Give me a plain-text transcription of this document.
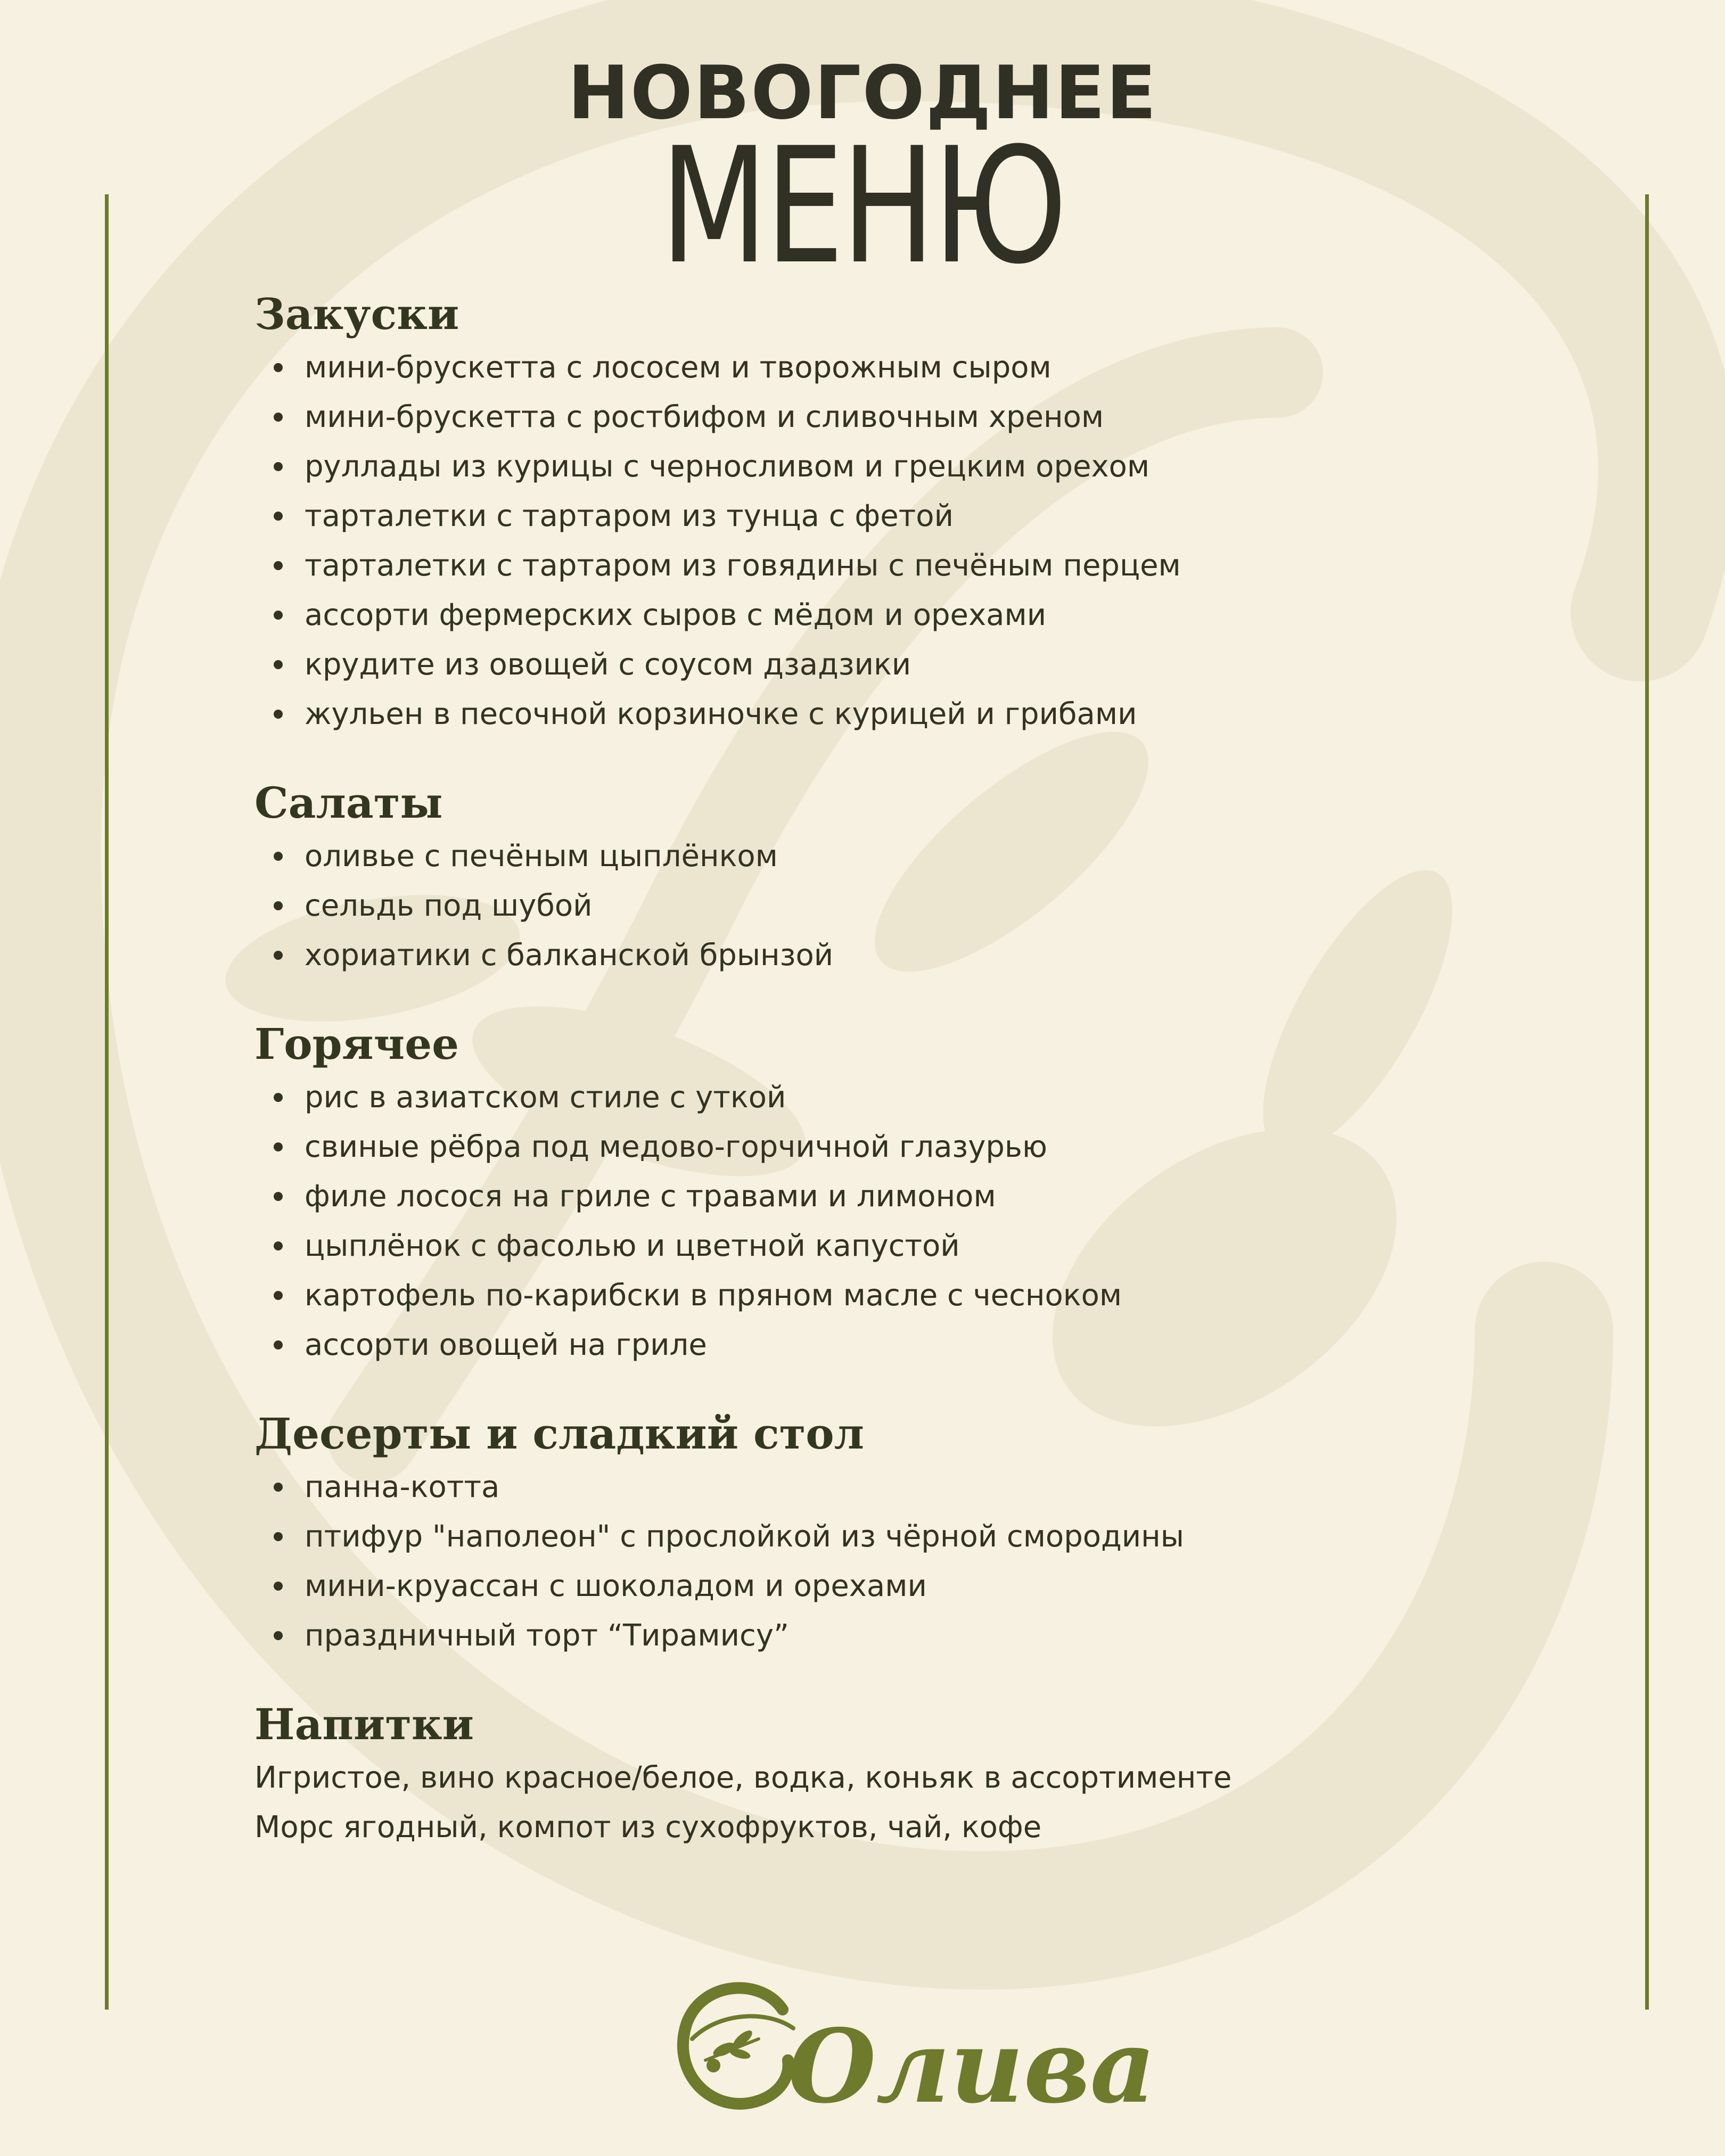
НОВОГОДНЕЕ
МЕНЮ
Закуски
мини-брускетта с лососем и творожным сыром
мини-брускетта с ростбифом и сливочным хреном
руллады из курицы с черносливом и грецким орехом
тарталетки с тартаром из тунца с фетой
тарталетки с тартаром из говядины с печёным перцем
ассорти фермерских сыров с мёдом и орехами
крудите из овощей с соусом дзадзики
жульен в песочной корзиночке с курицей и грибами
Салаты
оливье с печёным цыплёнком
сельдь под шубой
хориатики с балканской брынзой
Горячее
рис в азиатском стиле с уткой
свиные рёбра под медово-горчичной глазурью
филе лосося на гриле с травами и лимоном
цыплёнок с фасолью и цветной капустой
картофель по-карибски в пряном масле с чесноком
ассорти овощей на гриле
Десерты и сладкий стол
панна-котта
птифур "наполеон" с прослойкой из чёрной смородины
мини-круассан с шоколадом и орехами
праздничный торт “Тирамису”
Напитки
Игристое, вино красное/белое, водка, коньяк в ассортименте
Морс ягодный, компот из сухофруктов, чай, кофе
Олива
